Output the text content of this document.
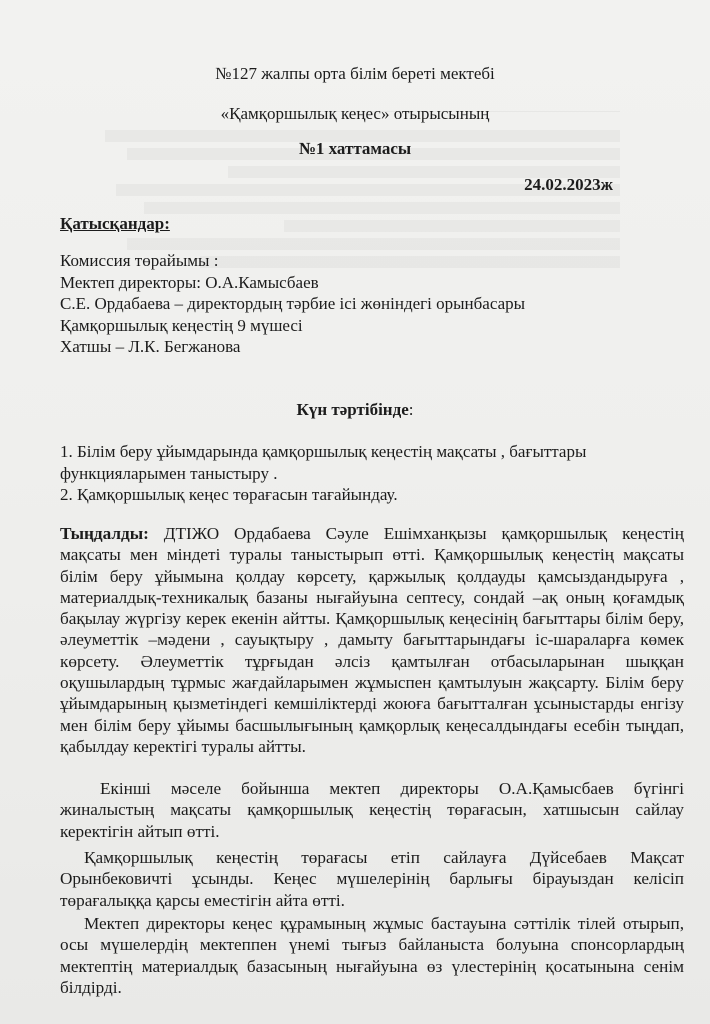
№127 жалпы орта білім береті мектебі

«Қамқоршылық кеңес» отырысының

№1 хаттамасы

24.02.2023ж

Қатысқандар:

Комиссия төрайымы :
Мектеп директоры: О.А.Камысбаев
С.Е. Ордабаева – директордың тәрбие ісі жөніндегі орынбасары
Қамқоршылық кеңестің 9 мүшесі
Хатшы – Л.К. Бегжанова

Күн тәртібінде:

1. Білім беру ұйымдарында қамқоршылық кеңестің мақсаты , бағыттары функцияларымен таныстыру .
2. Қамқоршылық кеңес төрағасын тағайындау.

Тыңдалды: ДТІЖО Ордабаева Сәуле Ешімханқызы қамқоршылық кеңестің мақсаты мен міндеті туралы таныстырып өтті. Қамқоршылық кеңестің мақсаты білім беру ұйымына қолдау көрсету, қаржылық қолдауды қамсыздандыруға , материалдық-техникалық базаны нығайуына септесу, сондай –ақ оның қоғамдық бақылау жүргізу керек екенін айтты. Қамқоршылық кеңесінің бағыттары білім беру, әлеуметтік –мәдени , сауықтыру , дамыту бағыттарындағы іс-шараларға көмек көрсету. Әлеуметтік тұрғыдан әлсіз қамтылған отбасыларынан шыққан оқушылардың тұрмыс жағдайларымен жұмыспен қамтылуын жақсарту. Білім беру ұйымдарының қызметіндегі кемшіліктерді жоюға бағытталған ұсыныстарды енгізу мен білім беру ұйымы басшылығының қамқорлық кеңесалдындағы есебін тыңдап, қабылдау керектігі туралы айтты.

Екінші мәселе бойынша мектеп директоры О.А.Қамысбаев бүгінгі жиналыстың мақсаты қамқоршылық кеңестің төрағасын, хатшысын сайлау керектігін айтып өтті.

Қамқоршылық кеңестің төрағасы етіп сайлауға Дүйсебаев Мақсат Орынбековичті ұсынды. Кеңес мүшелерінің барлығы бірауыздан келісіп төрағалыққа қарсы еместігін айта өтті.

Мектеп директоры кеңес құрамының жұмыс бастауына сәттілік тілей отырып, осы мүшелердің мектеппен үнемі тығыз байланыста болуына спонсорлардың мектептің материалдық базасының нығайуына өз үлестерінің қосатынына сенім білдірді.
